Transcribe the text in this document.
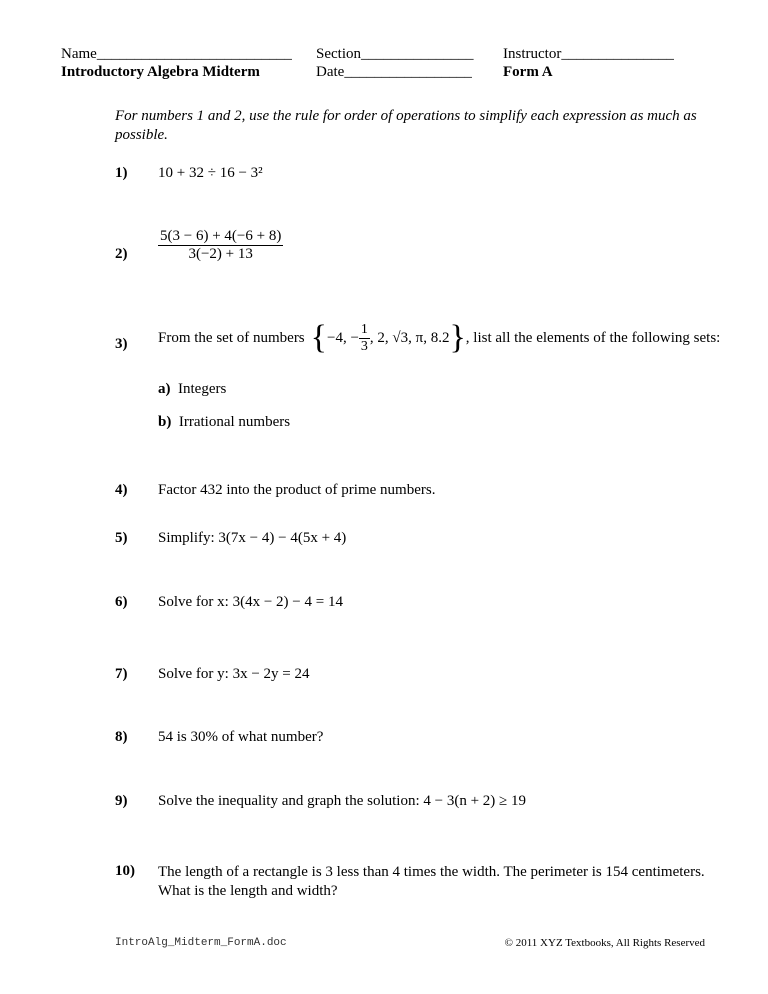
Name__________________________
Introductory Algebra Midterm
Section_______________
Date_________________
Instructor_______________
Form A
For numbers 1 and 2, use the rule for order of operations to simplify each expression as much as possible.
1) 10 + 32 ÷ 16 − 3²
$2) \frac{5(3 - 6) + 4(-6 + 8)}{3(-2) + 13}$
3) From the set of numbers { −4, − $\frac{1}{3}$ , 2, √3, π, 8.2 } , list all the elements of the following sets:
a) Integers
b) Irrational numbers
4) Factor 432 into the product of prime numbers.
5) Simplify: 3(7x − 4) − 4(5x + 4)
6) Solve for x: 3(4x − 2) − 4 = 14
7) Solve for y: 3x − 2y = 24
8) 54 is 30% of what number?
9) Solve the inequality and graph the solution: 4 − 3(n + 2) ≥ 19
10) The length of a rectangle is 3 less than 4 times the width. The perimeter is 154 centimeters. What is the length and width?
IntroAlg_Midterm_FormA.doc	© 2011 XYZ Textbooks, All Rights Reserved
